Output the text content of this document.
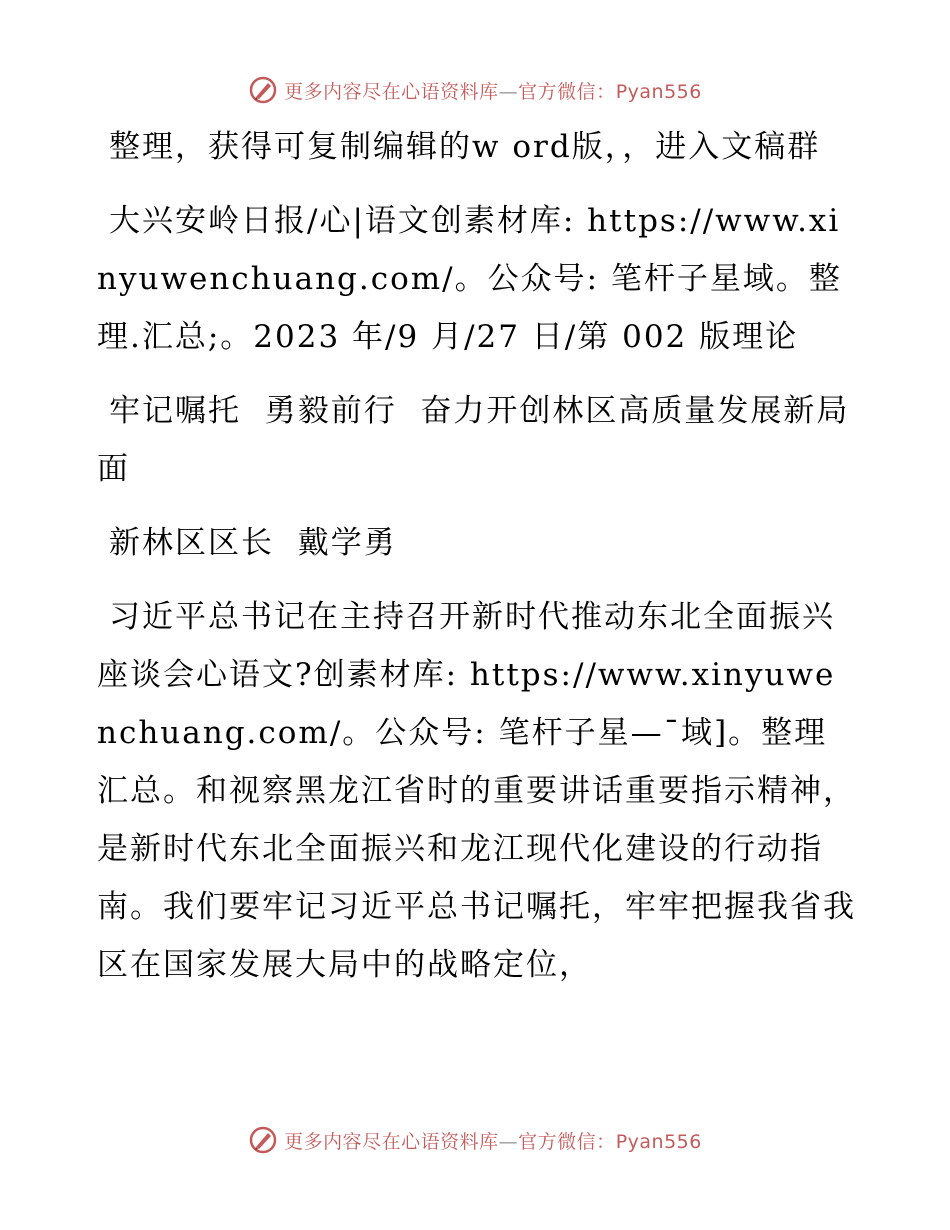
更多内容尽在心语资料库—官方微信：Pyan556

整理，获得可复制编辑的w ord版，，进入文稿群

大兴安岭日报/心|语文创素材库: https://www.xinyuwenchuang.com/。公众号: 笔杆子星域。整理.汇总;。2023 年/9 月/27 日/第 002 版理论

牢记嘱托  勇毅前行  奋力开创林区高质量发展新局面

新林区区长  戴学勇

习近平总书记在主持召开新时代推动东北全面振兴座谈会心语文?创素材库: https://www.xinyuwenchuang.com/。公众号: 笔杆子星—¯域]。整理汇总。和视察黑龙江省时的重要讲话重要指示精神，是新时代东北全面振兴和龙江现代化建设的行动指南。我们要牢记习近平总书记嘱托，牢牢把握我省我区在国家发展大局中的战略定位，

更多内容尽在心语资料库—官方微信：Pyan556
